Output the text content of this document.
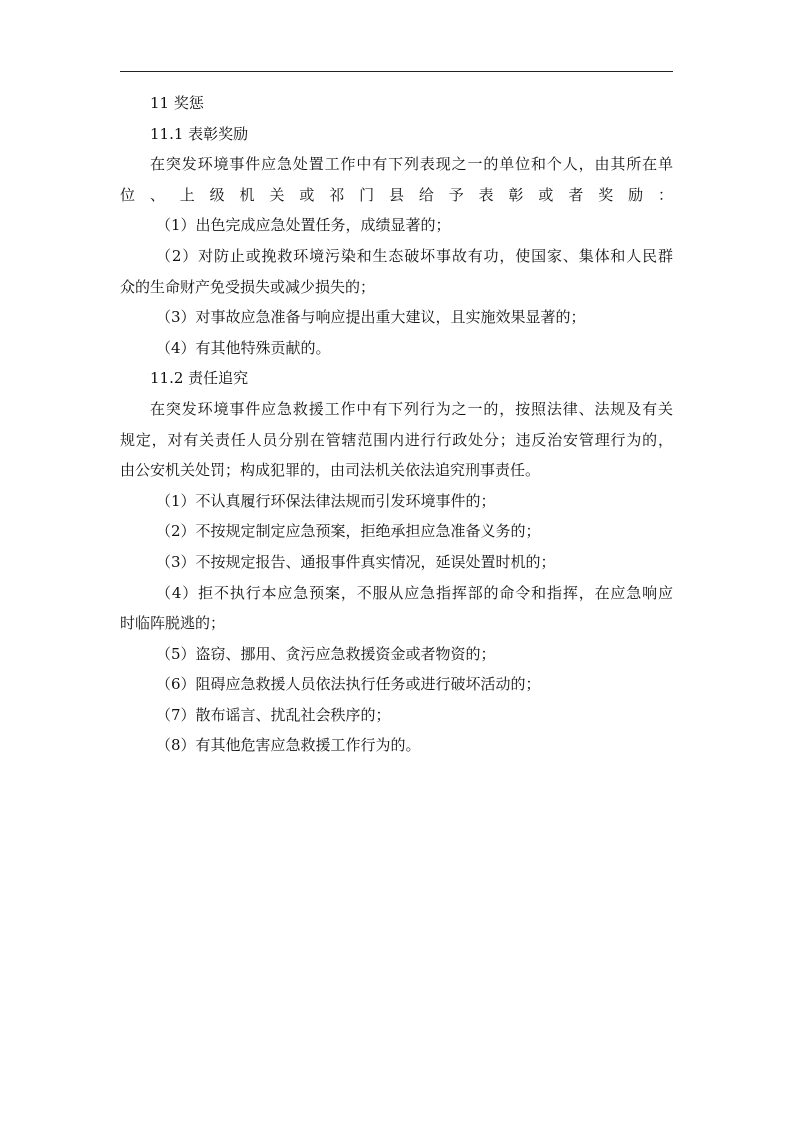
11 奖惩

11.1 表彰奖励

在突发环境事件应急处置工作中有下列表现之一的单位和个人，由其所在单

位、上级机关或祁门县给予表彰或者奖励：

（1）出色完成应急处置任务，成绩显著的；

（2）对防止或挽救环境污染和生态破坏事故有功，使国家、集体和人民群

众的生命财产免受损失或减少损失的；

（3）对事故应急准备与响应提出重大建议，且实施效果显著的；

（4）有其他特殊贡献的。

11.2 责任追究

在突发环境事件应急救援工作中有下列行为之一的，按照法律、法规及有关

规定，对有关责任人员分别在管辖范围内进行行政处分；违反治安管理行为的，

由公安机关处罚；构成犯罪的，由司法机关依法追究刑事责任。

（1）不认真履行环保法律法规而引发环境事件的；

（2）不按规定制定应急预案，拒绝承担应急准备义务的；

（3）不按规定报告、通报事件真实情况，延误处置时机的；

（4）拒不执行本应急预案，不服从应急指挥部的命令和指挥，在应急响应

时临阵脱逃的；

（5）盗窃、挪用、贪污应急救援资金或者物资的；

（6）阻碍应急救援人员依法执行任务或进行破坏活动的；

（7）散布谣言、扰乱社会秩序的；

（8）有其他危害应急救援工作行为的。
